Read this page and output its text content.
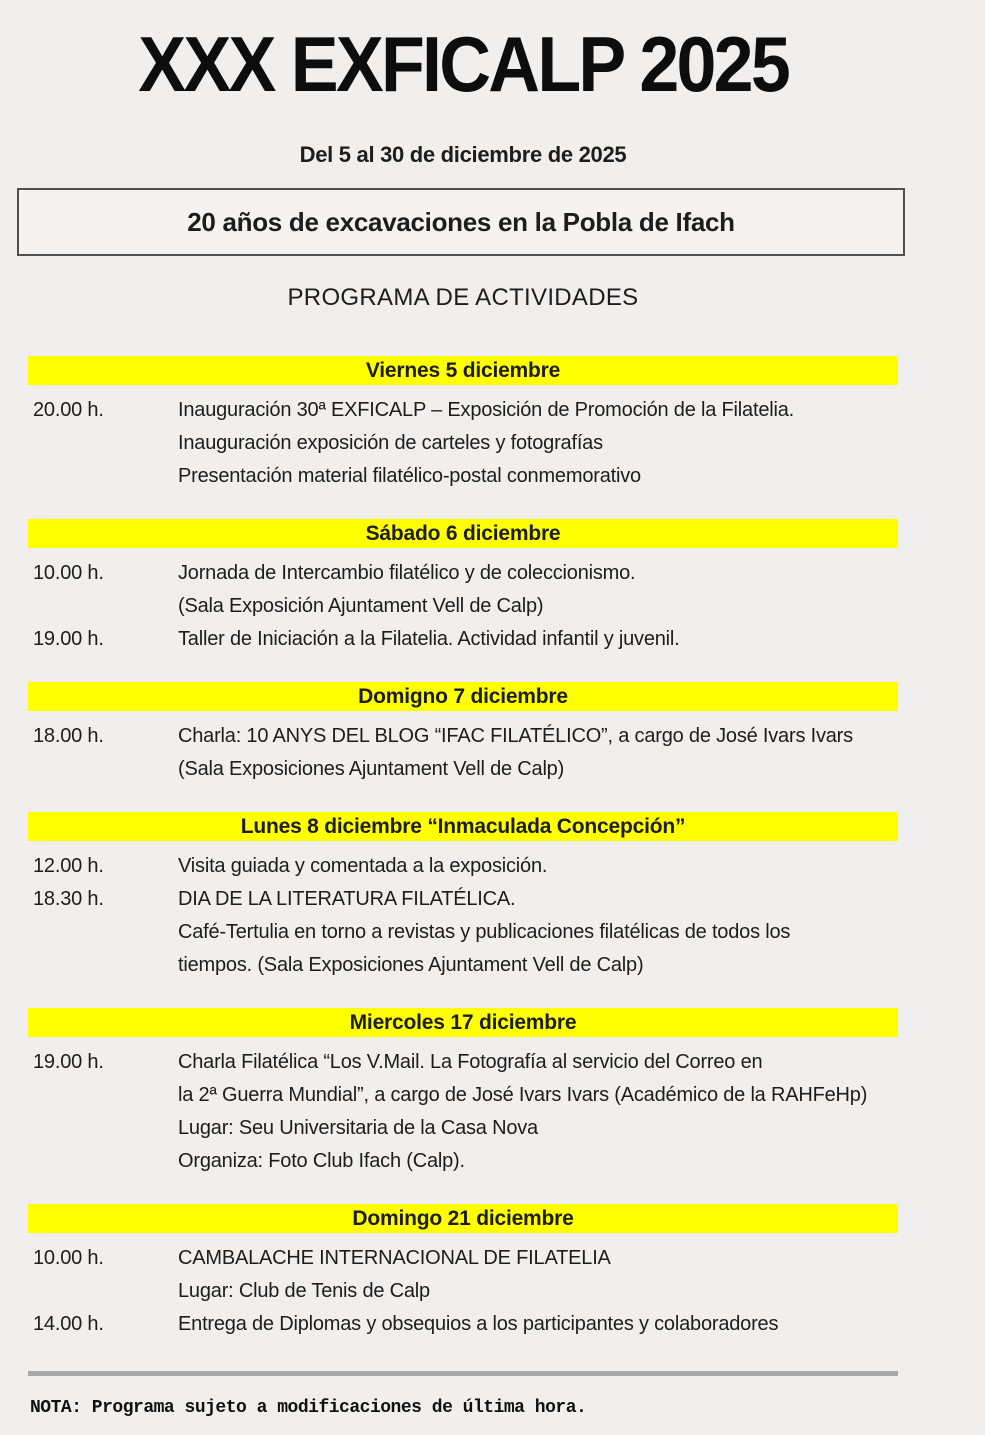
XXX EXFICALP 2025
Del 5 al 30 de diciembre de 2025
20 años de excavaciones en la Pobla de Ifach
PROGRAMA DE ACTIVIDADES
Viernes 5 diciembre
20.00 h.	Inauguración 30ª EXFICALP – Exposición de Promoción de la Filatelia.
Inauguración exposición de carteles y fotografías
Presentación material filatélico-postal conmemorativo
Sábado 6 diciembre
10.00 h.	Jornada de Intercambio filatélico y de coleccionismo.
(Sala Exposición Ajuntament Vell de Calp)
19.00 h.	Taller de Iniciación a la Filatelia. Actividad infantil y juvenil.
Domigno 7 diciembre
18.00 h.	Charla: 10 ANYS DEL BLOG “IFAC FILATÉLICO”, a cargo de José Ivars Ivars
(Sala Exposiciones Ajuntament Vell de Calp)
Lunes 8 diciembre “Inmaculada Concepción”
12.00 h.	Visita guiada y comentada a la exposición.
18.30 h.	DIA DE LA LITERATURA FILATÉLICA.
Café-Tertulia en torno a revistas y publicaciones filatélicas de todos los
tiempos. (Sala Exposiciones Ajuntament Vell de Calp)
Miercoles 17 diciembre
19.00 h.	Charla Filatélica “Los V.Mail. La Fotografía al servicio del Correo en
la 2ª Guerra Mundial”, a cargo de José Ivars Ivars (Académico de la RAHFeHp)
Lugar: Seu Universitaria de la Casa Nova
Organiza: Foto Club Ifach (Calp).
Domingo 21 diciembre
10.00 h.	CAMBALACHE INTERNACIONAL DE FILATELIA
Lugar: Club de Tenis de Calp
14.00 h.	Entrega de Diplomas y obsequios a los participantes y colaboradores
NOTA: Programa sujeto a modificaciones de última hora.
